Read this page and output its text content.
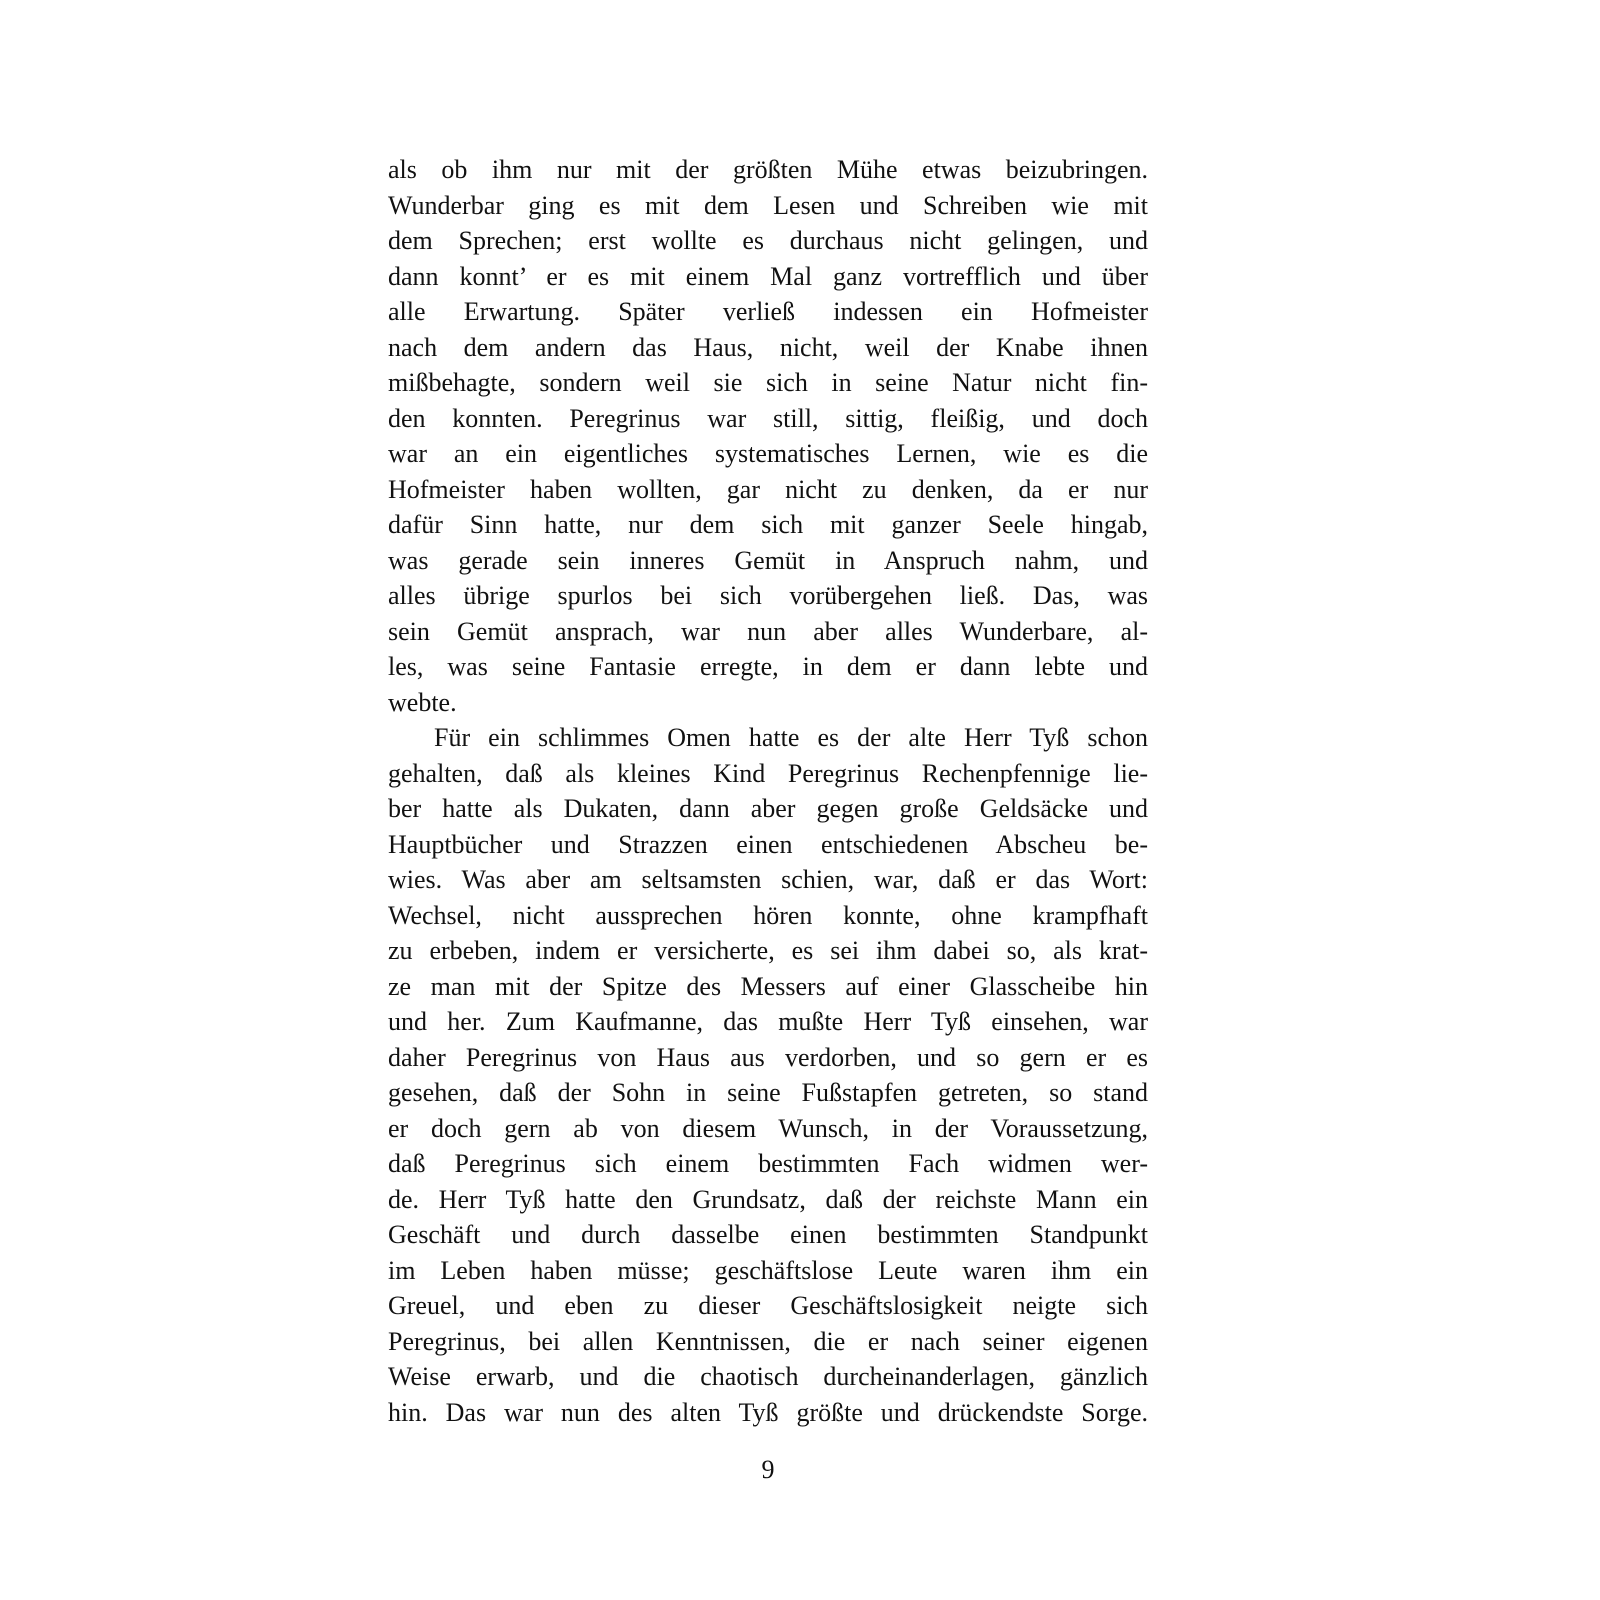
als ob ihm nur mit der größten Mühe etwas beizubringen.
Wunderbar ging es mit dem Lesen und Schreiben wie mit
dem Sprechen; erst wollte es durchaus nicht gelingen, und
dann konnt’ er es mit einem Mal ganz vortrefflich und über
alle Erwartung. Später verließ indessen ein Hofmeister
nach dem andern das Haus, nicht, weil der Knabe ihnen
mißbehagte, sondern weil sie sich in seine Natur nicht fin-
den konnten. Peregrinus war still, sittig, fleißig, und doch
war an ein eigentliches systematisches Lernen, wie es die
Hofmeister haben wollten, gar nicht zu denken, da er nur
dafür Sinn hatte, nur dem sich mit ganzer Seele hingab,
was gerade sein inneres Gemüt in Anspruch nahm, und
alles übrige spurlos bei sich vorübergehen ließ. Das, was
sein Gemüt ansprach, war nun aber alles Wunderbare, al-
les, was seine Fantasie erregte, in dem er dann lebte und
webte.
Für ein schlimmes Omen hatte es der alte Herr Tyß schon
gehalten, daß als kleines Kind Peregrinus Rechenpfennige lie-
ber hatte als Dukaten, dann aber gegen große Geldsäcke und
Hauptbücher und Strazzen einen entschiedenen Abscheu be-
wies. Was aber am seltsamsten schien, war, daß er das Wort:
Wechsel, nicht aussprechen hören konnte, ohne krampfhaft
zu erbeben, indem er versicherte, es sei ihm dabei so, als krat-
ze man mit der Spitze des Messers auf einer Glasscheibe hin
und her. Zum Kaufmanne, das mußte Herr Tyß einsehen, war
daher Peregrinus von Haus aus verdorben, und so gern er es
gesehen, daß der Sohn in seine Fußstapfen getreten, so stand
er doch gern ab von diesem Wunsch, in der Voraussetzung,
daß Peregrinus sich einem bestimmten Fach widmen wer-
de. Herr Tyß hatte den Grundsatz, daß der reichste Mann ein
Geschäft und durch dasselbe einen bestimmten Standpunkt
im Leben haben müsse; geschäftslose Leute waren ihm ein
Greuel, und eben zu dieser Geschäftslosigkeit neigte sich
Peregrinus, bei allen Kenntnissen, die er nach seiner eigenen
Weise erwarb, und die chaotisch durcheinanderlagen, gänzlich
hin. Das war nun des alten Tyß größte und drückendste Sorge.
9
